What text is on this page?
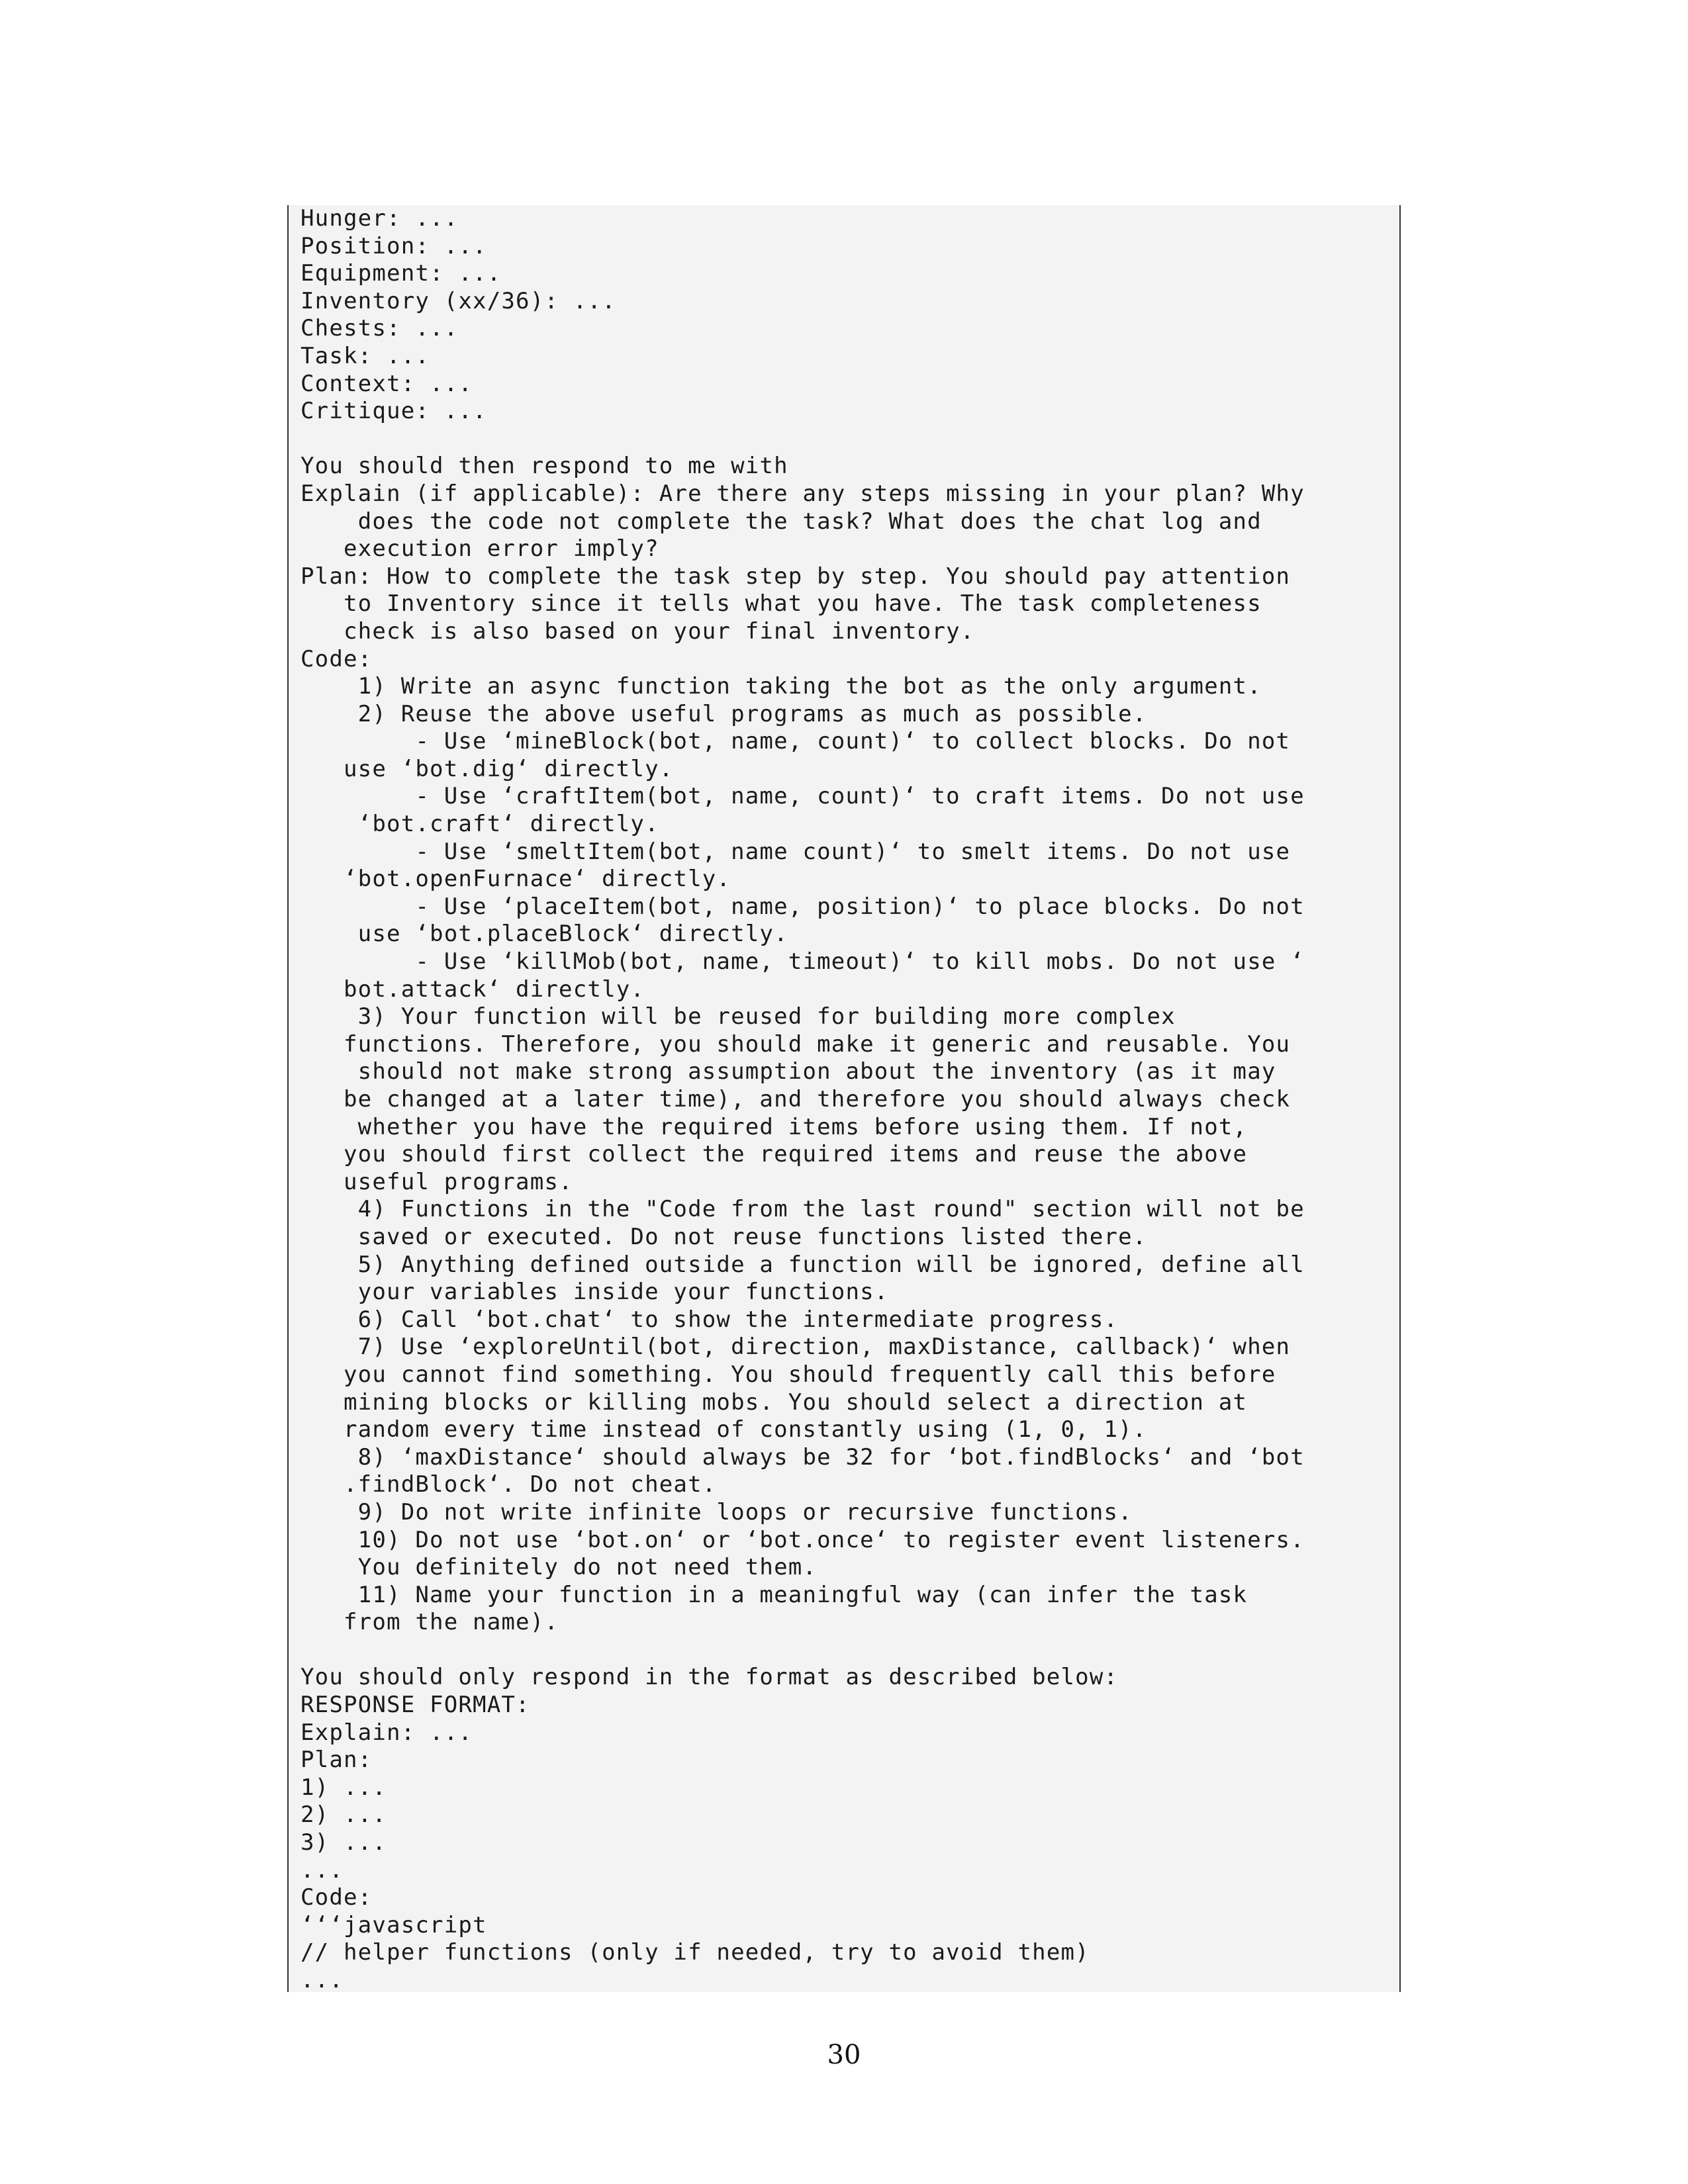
Hunger: ...
Position: ...
Equipment: ...
Inventory (xx/36): ...
Chests: ...
Task: ...
Context: ...
Critique: ...
You should then respond to me with
Explain (if applicable): Are there any steps missing in your plan? Why
does the code not complete the task? What does the chat log and
execution error imply?
Plan: How to complete the task step by step. You should pay attention
to Inventory since it tells what you have. The task completeness
check is also based on your final inventory.
Code:
1) Write an async function taking the bot as the only argument.
2) Reuse the above useful programs as much as possible.
- Use ‘mineBlock(bot, name, count)‘ to collect blocks. Do not
use ‘bot.dig‘ directly.
- Use ‘craftItem(bot, name, count)‘ to craft items. Do not use
‘bot.craft‘ directly.
- Use ‘smeltItem(bot, name count)‘ to smelt items. Do not use
‘bot.openFurnace‘ directly.
- Use ‘placeItem(bot, name, position)‘ to place blocks. Do not
use ‘bot.placeBlock‘ directly.
- Use ‘killMob(bot, name, timeout)‘ to kill mobs. Do not use ‘
bot.attack‘ directly.
3) Your function will be reused for building more complex
functions. Therefore, you should make it generic and reusable. You
should not make strong assumption about the inventory (as it may
be changed at a later time), and therefore you should always check
whether you have the required items before using them. If not,
you should first collect the required items and reuse the above
useful programs.
4) Functions in the "Code from the last round" section will not be
saved or executed. Do not reuse functions listed there.
5) Anything defined outside a function will be ignored, define all
your variables inside your functions.
6) Call ‘bot.chat‘ to show the intermediate progress.
7) Use ‘exploreUntil(bot, direction, maxDistance, callback)‘ when
you cannot find something. You should frequently call this before
mining blocks or killing mobs. You should select a direction at
random every time instead of constantly using (1, 0, 1).
8) ‘maxDistance‘ should always be 32 for ‘bot.findBlocks‘ and ‘bot
.findBlock‘. Do not cheat.
9) Do not write infinite loops or recursive functions.
10) Do not use ‘bot.on‘ or ‘bot.once‘ to register event listeners.
You definitely do not need them.
11) Name your function in a meaningful way (can infer the task
from the name).
You should only respond in the format as described below:
RESPONSE FORMAT:
Explain: ...
Plan:
1) ...
2) ...
3) ...
...
Code:
‘‘‘javascript
// helper functions (only if needed, try to avoid them)
...
30
